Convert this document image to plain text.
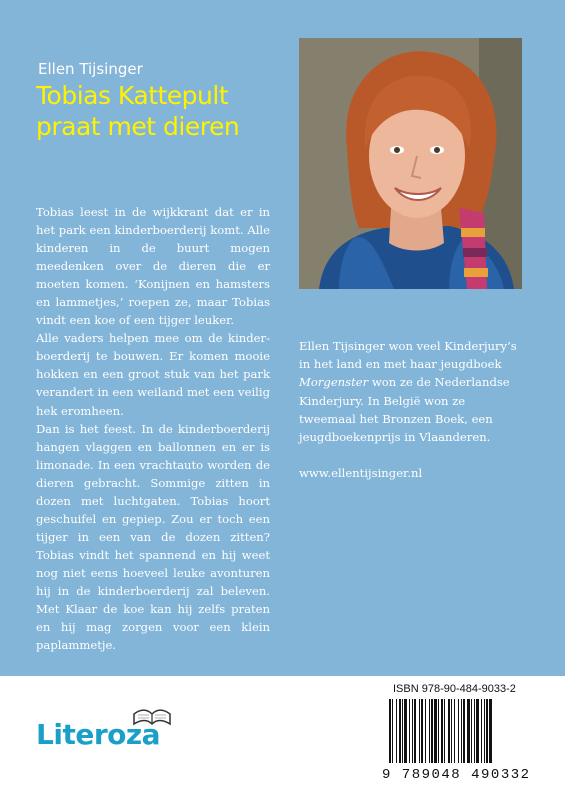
Ellen Tijsinger
Tobias Kattepult
praat met dieren

Tobias leest in de wijkkrant dat er in het park een kinderboerderij komt. Alle kinderen in de buurt mogen meedenken over de dieren die er moeten komen. ‘Konijnen en hamsters en lammetjes,’ roepen ze, maar Tobias vindt een koe of een tijger leuker.

Alle vaders helpen mee om de kinderboerderij te bouwen. Er komen mooie hokken en een groot stuk van het park verandert in een weiland met een veilig hek eromheen.

Dan is het feest. In de kinderboerderij hangen vlaggen en ballonnen en er is limonade. In een vrachtauto worden de dieren gebracht. Sommige zitten in dozen met luchtgaten. Tobias hoort geschuifel en gepiep. Zou er toch een tijger in een van de dozen zitten? Tobias vindt het spannend en hij weet nog niet eens hoeveel leuke avonturen hij in de kinderboerderij zal beleven. Met Klaar de koe kan hij zelfs praten en hij mag zorgen voor een klein paplammetje.

Ellen Tijsinger won veel Kinderjury’s in het land en met haar jeugdboek Morgenster won ze de Nederlandse Kinderjury. In België won ze tweemaal het Bronzen Boek, een jeugdboekenprijs in Vlaanderen.

www.ellentijsinger.nl

Literoza
ISBN 978-90-484-9033-2
9 789048 490332
